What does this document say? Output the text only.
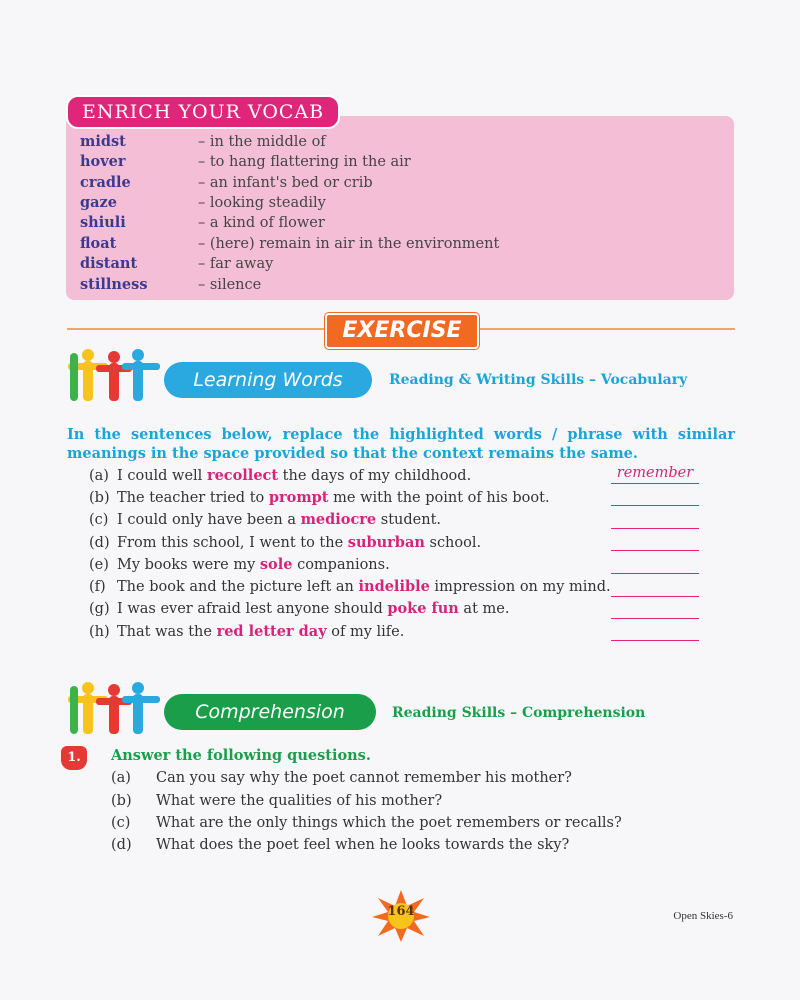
ENRICH YOUR VOCAB
midst	– in the middle of
hover	– to hang flattering in the air
cradle	– an infant's bed or crib
gaze	– looking steadily
shiuli	– a kind of flower
float	– (here) remain in air in the environment
distant	– far away
stillness	– silence
EXERCISE
Learning Words	Reading & Writing Skills – Vocabulary
In the sentences below, replace the highlighted words / phrase with similar meanings in the space provided so that the context remains the same.
(a) I could well recollect the days of my childhood.	remember
(b) The teacher tried to prompt me with the point of his boot.
(c) I could only have been a mediocre student.
(d) From this school, I went to the suburban school.
(e) My books were my sole companions.
(f) The book and the picture left an indelible impression on my mind.
(g) I was ever afraid lest anyone should poke fun at me.
(h) That was the red letter day of my life.
Comprehension	Reading Skills – Comprehension
1.	Answer the following questions.
(a) Can you say why the poet cannot remember his mother?
(b) What were the qualities of his mother?
(c) What are the only things which the poet remembers or recalls?
(d) What does the poet feel when he looks towards the sky?
164	Open Skies-6
